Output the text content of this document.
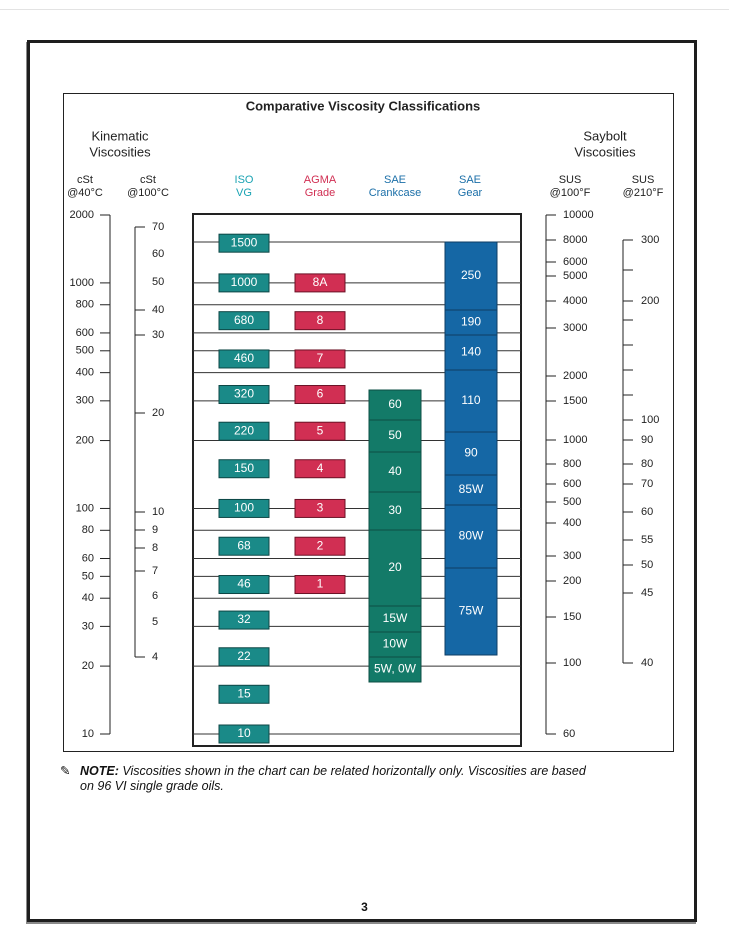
Comparative Viscosity Classifications
Kinematic
Viscosities
Saybolt
Viscosities
cSt
@40°C
cSt
@100°C
ISO
VG
AGMA
Grade
SAE
Crankcase
SAE
Gear
SUS
@100°F
SUS
@210°F
2000
1000
800
600
500
400
300
200
100
80
60
50
40
30
20
10
70
60
50
40
30
20
10
9
8
7
6
5
4
10000
8000
6000
5000
4000
3000
2000
1500
1000
800
600
500
400
300
200
150
100
60
300
200
100
90
80
70
60
55
50
45
40
250
190
140
110
90
85W
80W
75W
60
50
40
30
20
15W
10W
5W, 0W
8A
8
7
6
5
4
3
2
1
1500
1000
680
460
320
220
150
100
68
46
32
22
15
10
✎ NOTE: Viscosities shown in the chart can be related horizontally only. Viscosities are based
on 96 VI single grade oils.
3
